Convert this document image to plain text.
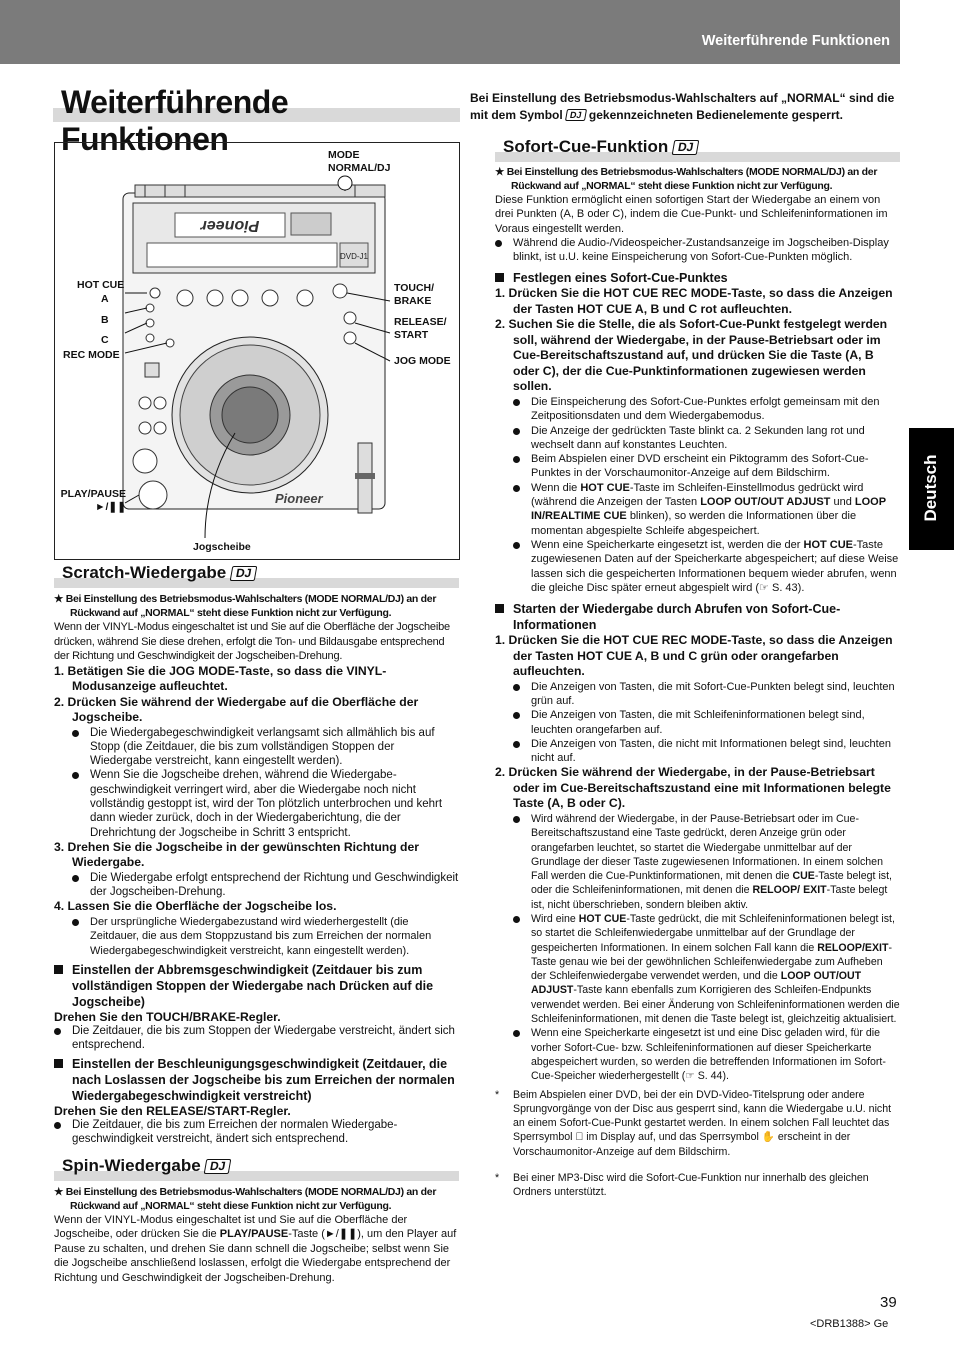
Weiterführende Funktionen
Weiterführende Funktionen
Bei Einstellung des Betriebsmodus-Wahlschalters auf „NORMAL“ sind die mit dem Symbol DJ gekennzeichneten Bedienelemente gesperrt.
Deutsch
Pioneer
DVD-J1
Pioneer
MODE
NORMAL/DJ
HOT CUE
A
B
C
REC MODE
TOUCH/
BRAKE
RELEASE/
START
JOG MODE
PLAY/PAUSE
►/❚❚
Jogscheibe
Scratch-Wiedergabe DJ

★ Bei Einstellung des Betriebsmodus-Wahlschalters (MODE NORMAL/DJ) an der Rückwand auf „NORMAL“ steht diese Funktion nicht zur Verfügung.

Wenn der VINYL-Modus eingeschaltet ist und Sie auf die Oberfläche der Jogscheibe drücken, während Sie diese drehen, erfolgt die Ton- und Bildausgabe entsprechend der Richtung und Geschwindigkeit der Jogscheiben-Drehung.

1. Betätigen Sie die JOG MODE-Taste, so dass die VINYL-Modusanzeige aufleuchtet.

2. Drücken Sie während der Wiedergabe auf die Oberfläche der Jogscheibe.

Die Wiedergabegeschwindigkeit verlangsamt sich allmählich bis auf Stopp (die Zeitdauer, die bis zum vollständigen Stoppen der Wiedergabe verstreicht, kann eingestellt werden).

Wenn Sie die Jogscheibe drehen, während die Wiedergabe-geschwindigkeit verringert wird, aber die Wiedergabe noch nicht vollständig gestoppt ist, wird der Ton plötzlich unterbrochen und kehrt dann wieder zurück, doch in der Wiedergaberichtung, die der Drehrichtung der Jogscheibe in Schritt 3 entspricht.

3. Drehen Sie die Jogscheibe in der gewünschten Richtung der Wiedergabe.

Die Wiedergabe erfolgt entsprechend der Richtung und Geschwindigkeit der Jogscheiben-Drehung.

4. Lassen Sie die Oberfläche der Jogscheibe los.

Der ursprüngliche Wiedergabezustand wird wiederhergestellt (die Zeitdauer, die aus dem Stoppzustand bis zum Erreichen der normalen Wiedergabegeschwindigkeit verstreicht, kann eingestellt werden).

Einstellen der Abbremsgeschwindigkeit (Zeitdauer bis zum vollständigen Stoppen der Wiedergabe nach Drücken auf die Jogscheibe)

Drehen Sie den TOUCH/BRAKE-Regler.

Die Zeitdauer, die bis zum Stoppen der Wiedergabe verstreicht, ändert sich entsprechend.

Einstellen der Beschleunigungsgeschwindigkeit (Zeitdauer, die nach Loslassen der Jogscheibe bis zum Erreichen der normalen Wiedergabegeschwindigkeit verstreicht)

Drehen Sie den RELEASE/START-Regler.

Die Zeitdauer, die bis zum Erreichen der normalen Wiedergabe-geschwindigkeit verstreicht, ändert sich entsprechend.

Spin-Wiedergabe DJ

★ Bei Einstellung des Betriebsmodus-Wahlschalters (MODE NORMAL/DJ) an der Rückwand auf „NORMAL“ steht diese Funktion nicht zur Verfügung.

Wenn der VINYL-Modus eingeschaltet ist und Sie auf die Oberfläche der Jogscheibe, oder drücken Sie die PLAY/PAUSE-Taste (►/❚❚), um den Player auf Pause zu schalten, und drehen Sie dann schnell die Jogscheibe; selbst wenn Sie die Jogscheibe anschließend loslassen, erfolgt die Wiedergabe entsprechend der Richtung und Geschwindigkeit der Jogscheiben-Drehung.

Sofort-Cue-Funktion DJ

★ Bei Einstellung des Betriebsmodus-Wahlschalters (MODE NORMAL/DJ) an der Rückwand auf „NORMAL“ steht diese Funktion nicht zur Verfügung.

Diese Funktion ermöglicht einen sofortigen Start der Wiedergabe an einem von drei Punkten (A, B oder C), indem die Cue-Punkt- und Schleifeninformationen im Voraus eingestellt werden.

Während die Audio-/Videospeicher-Zustandsanzeige im Jogscheiben-Display blinkt, ist u.U. keine Einspeicherung von Sofort-Cue-Punkten möglich.

Festlegen eines Sofort-Cue-Punktes

1. Drücken Sie die HOT CUE REC MODE-Taste, so dass die Anzeigen der Tasten HOT CUE A, B und C rot aufleuchten.

2. Suchen Sie die Stelle, die als Sofort-Cue-Punkt festgelegt werden soll, während der Wiedergabe, in der Pause-Betriebsart oder im Cue-Bereitschaftszustand auf, und drücken Sie die Taste (A, B oder C), der die Cue-Punktinformationen zugewiesen werden sollen.

Die Einspeicherung des Sofort-Cue-Punktes erfolgt gemeinsam mit den Zeitpositionsdaten und dem Wiedergabemodus.

Die Anzeige der gedrückten Taste blinkt ca. 2 Sekunden lang rot und wechselt dann auf konstantes Leuchten.

Beim Abspielen einer DVD erscheint ein Piktogramm des Sofort-Cue-Punktes in der Vorschaumonitor-Anzeige auf dem Bildschirm.

Wenn die HOT CUE-Taste im Schleifen-Einstellmodus gedrückt wird (während die Anzeigen der Tasten LOOP OUT/OUT ADJUST und LOOP IN/REALTIME CUE blinken), so werden die Informationen über die momentan abgespielte Schleife abgespeichert.

Wenn eine Speicherkarte eingesetzt ist, werden die der HOT CUE-Taste zugewiesenen Daten auf der Speicherkarte abgespeichert; auf diese Weise lassen sich die gespeicherten Informationen bequem wieder abrufen, wenn die gleiche Disc später erneut abgespielt wird (☞ S. 43).

Starten der Wiedergabe durch Abrufen von Sofort-Cue-Informationen

1. Drücken Sie die HOT CUE REC MODE-Taste, so dass die Anzeigen der Tasten HOT CUE A, B und C grün oder orangefarben aufleuchten.

Die Anzeigen von Tasten, die mit Sofort-Cue-Punkten belegt sind, leuchten grün auf.

Die Anzeigen von Tasten, die mit Schleifeninformationen belegt sind, leuchten orangefarben auf.

Die Anzeigen von Tasten, die nicht mit Informationen belegt sind, leuchten nicht auf.

2. Drücken Sie während der Wiedergabe, in der Pause-Betriebsart oder im Cue-Bereitschaftszustand eine mit Informationen belegte Taste (A, B oder C).

Wird während der Wiedergabe, in der Pause-Betriebsart oder im Cue-Bereitschaftszustand eine Taste gedrückt, deren Anzeige grün oder orangefarben leuchtet, so startet die Wiedergabe unmittelbar auf der Grundlage der dieser Taste zugewiesenen Informationen. In einem solchen Fall werden die Cue-Punktinformationen, mit denen die CUE-Taste belegt ist, oder die Schleifeninformationen, mit denen die RELOOP/ EXIT-Taste belegt ist, nicht überschrieben, sondern bleiben aktiv.

Wird eine HOT CUE-Taste gedrückt, die mit Schleifeninformationen belegt ist, so startet die Schleifenwiedergabe unmittelbar auf der Grundlage der gespeicherten Informationen. In einem solchen Fall kann die RELOOP/EXIT-Taste genau wie bei der gewöhnlichen Schleifenwiedergabe zum Aufheben der Schleifenwiedergabe verwendet werden, und die LOOP OUT/OUT ADJUST-Taste kann ebenfalls zum Korrigieren des Schleifen-Endpunkts verwendet werden. Bei einer Änderung von Schleifeninformationen werden die Schleifeninformationen, mit denen die Taste belegt ist, gleichzeitig aktualisiert.

Wenn eine Speicherkarte eingesetzt ist und eine Disc geladen wird, für die vorher Sofort-Cue- bzw. Schleifeninformationen auf dieser Speicherkarte abgespeichert wurden, so werden die betreffenden Informationen im Sofort-Cue-Speicher wiederhergestellt (☞ S. 44).

* Beim Abspielen einer DVD, bei der ein DVD-Video-Titelsprung oder andere Sprungvorgänge von der Disc aus gesperrt sind, kann die Wiedergabe u.U. nicht an einem Sofort-Cue-Punkt gestartet werden. In einem solchen Fall leuchtet das Sperrsymbol ⃠ im Display auf, und das Sperrsymbol ✋ erscheint in der Vorschaumonitor-Anzeige auf dem Bildschirm.

* Bei einer MP3-Disc wird die Sofort-Cue-Funktion nur innerhalb des gleichen Ordners unterstützt.

39
<DRB1388> Ge
